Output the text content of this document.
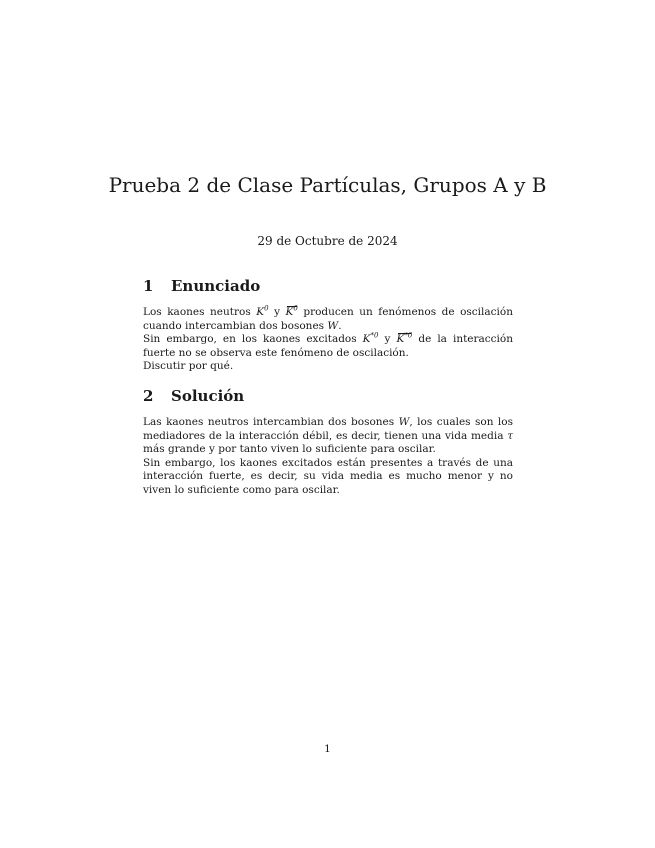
Prueba 2 de Clase Partículas, Grupos A y B
29 de Octubre de 2024
1 Enunciado

Los kaones neutros $K^0$ y $K^0$ producen un fenómenos de oscilación cuando intercambian dos bosones W.

Sin embargo, en los kaones excitados $K^{*0}$ y $K^{*0}$ de la interacción fuerte no se observa este fenómeno de oscilación.

Discutir por qué.

2 Solución

Las kaones neutros intercambian dos bosones W, los cuales son los mediadores de la interacción débil, es decir, tienen una vida media τ más grande y por tanto viven lo suficiente para oscilar.

Sin embargo, los kaones excitados están presentes a través de una interacción fuerte, es decir, su vida media es mucho menor y no viven lo suficiente como para oscilar.

1
